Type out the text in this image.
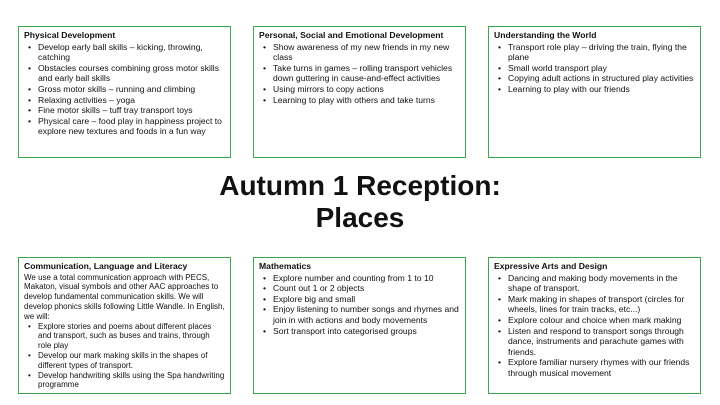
Physical Development
• Develop early ball skills – kicking, throwing, catching
• Obstacles courses combining gross motor skills and early ball skills
• Gross motor skills – running and climbing
• Relaxing activities – yoga
• Fine motor skills – tuff tray transport toys
• Physical care – food play in happiness project to explore new textures and foods in a fun way
Personal, Social and Emotional Development
• Show awareness of my new friends in my new class
• Take turns in games – rolling transport vehicles down guttering in cause-and-effect activities
• Using mirrors to copy actions
• Learning to play with others and take turns
Understanding the World
• Transport role play – driving the train, flying the plane
• Small world transport play
• Copying adult actions in structured play activities
• Learning to play with our friends
Autumn 1 Reception:
Places
Communication, Language and Literacy

We use a total communication approach with PECS, Makaton, visual symbols and other AAC approaches to develop fundamental communication skills. We will develop phonics skills following Little Wandle. In English, we will:

• Explore stories and poems about different places and transport, such as buses and trains, through role play
• Develop our mark making skills in the shapes of different types of transport.
• Develop handwriting skills using the Spa handwriting programme
Mathematics
• Explore number and counting from 1 to 10
• Count out 1 or 2 objects
• Explore big and small
• Enjoy listening to number songs and rhymes and join in with actions and body movements
• Sort transport into categorised groups
Expressive Arts and Design
• Dancing and making body movements in the shape of transport.
• Mark making in shapes of transport (circles for wheels, lines for train tracks, etc...)
• Explore colour and choice when mark making
• Listen and respond to transport songs through dance, instruments and parachute games with friends.
• Explore familiar nursery rhymes with our friends through musical movement
